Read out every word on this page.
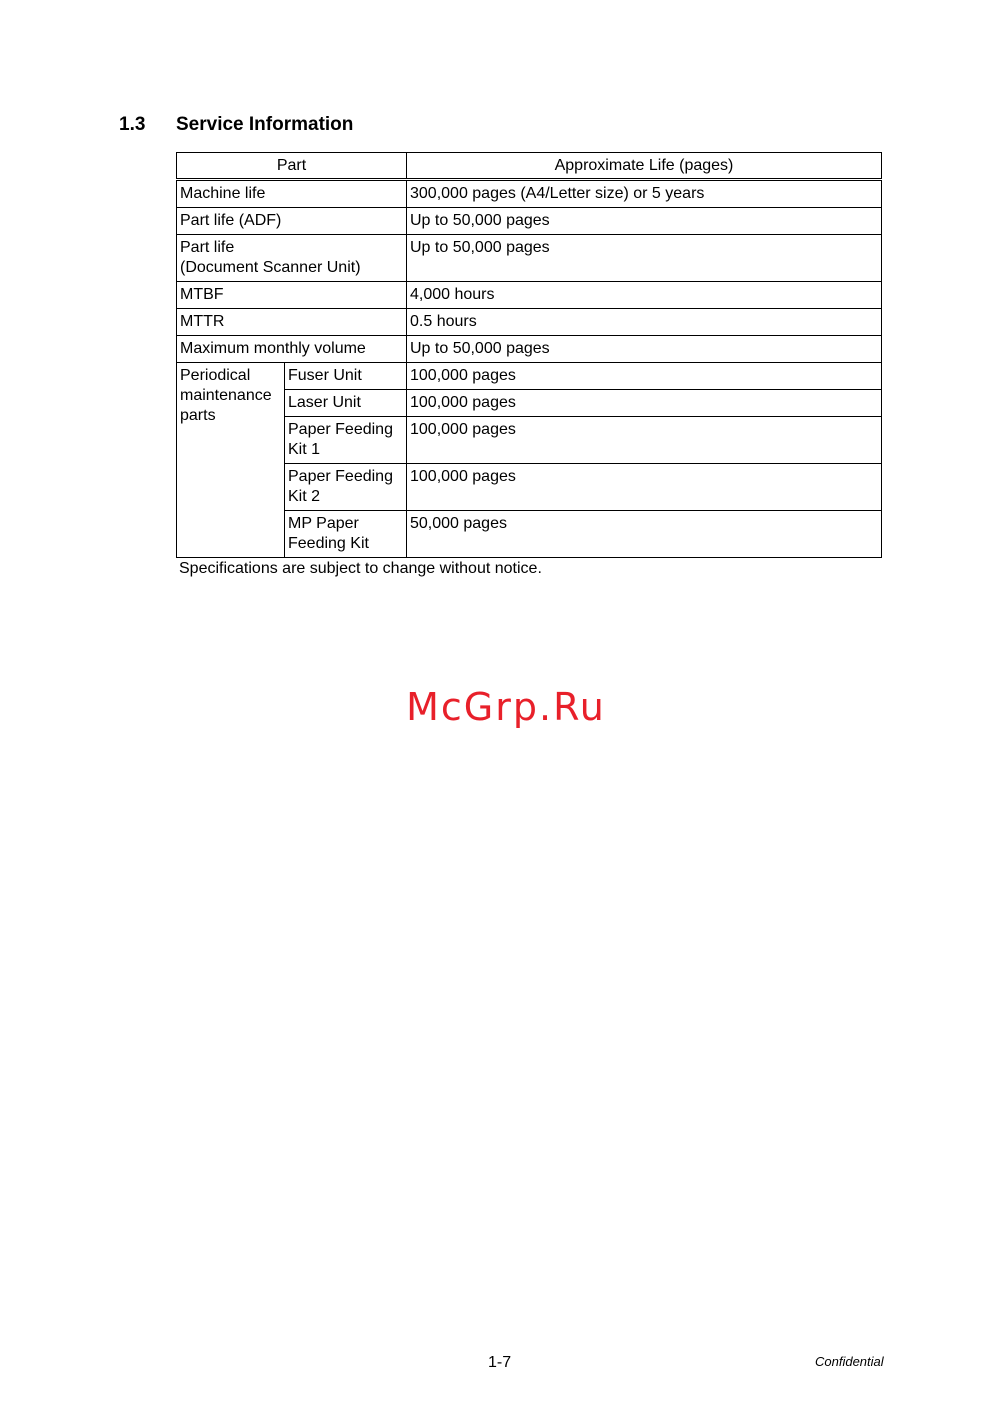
1.3 Service Information
Part		Approximate Life (pages)
Machine life		300,000 pages (A4/Letter size) or 5 years
Part life (ADF)		Up to 50,000 pages
Part life
(Document Scanner Unit)		Up to 50,000 pages
MTBF		4,000 hours
MTTR		0.5 hours
Maximum monthly volume		Up to 50,000 pages
Periodical
maintenance
parts	Fuser Unit	100,000 pages
	Laser Unit	100,000 pages
	Paper Feeding
Kit 1	100,000 pages
	Paper Feeding
Kit 2	100,000 pages
	MP Paper
Feeding Kit	50,000 pages

Specifications are subject to change without notice.

McGrp.Ru
1-7	Confidential
